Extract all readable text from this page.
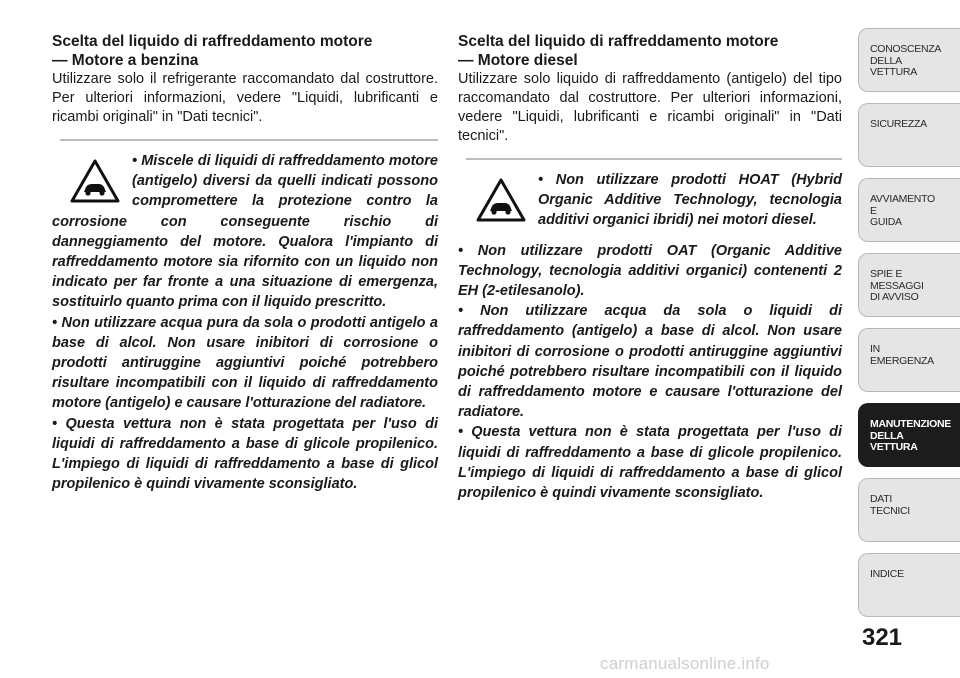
Scelta del liquido di raffreddamento motore
— Motore a benzina

Utilizzare solo il refrigerante raccomandato dal costruttore. Per ulteriori informazioni, vedere "Liquidi, lubrificanti e ricambi originali" in "Dati tecnici".

• Miscele di liquidi di raffreddamento motore (antigelo) diversi da quelli indicati possono compromettere la protezione contro la corrosione con conseguente rischio di danneggiamento del motore. Qualora l'impianto di raffreddamento motore sia rifornito con un liquido non indicato per far fronte a una situazione di emergenza, sostituirlo quanto prima con il liquido prescritto.

• Non utilizzare acqua pura da sola o prodotti antigelo a base di alcol. Non usare inibitori di corrosione o prodotti antiruggine aggiuntivi poiché potrebbero risultare incompatibili con il liquido di raffreddamento motore (antigelo) e causare l'otturazione del radiatore.

• Questa vettura non è stata progettata per l'uso di liquidi di raffreddamento a base di glicole propilenico. L'impiego di liquidi di raffreddamento a base di glicol propilenico è quindi vivamente sconsigliato.

Scelta del liquido di raffreddamento motore
— Motore diesel

Utilizzare solo liquido di raffreddamento (antigelo) del tipo raccomandato dal costruttore. Per ulteriori informazioni, vedere "Liquidi, lubrificanti e ricambi originali" in "Dati tecnici".

• Non utilizzare prodotti HOAT (Hybrid Organic Additive Technology, tecnologia additivi organici ibridi) nei motori diesel.

• Non utilizzare prodotti OAT (Organic Additive Technology, tecnologia additivi organici) contenenti 2 EH (2-etilesanolo).

• Non utilizzare acqua da sola o liquidi di raffreddamento (antigelo) a base di alcol. Non usare inibitori di corrosione o prodotti antiruggine aggiuntivi poiché potrebbero risultare incompatibili con il liquido di raffreddamento motore e causare l'otturazione del radiatore.

• Questa vettura non è stata progettata per l'uso di liquidi di raffreddamento a base di glicole propilenico. L'impiego di liquidi di raffreddamento a base di glicol propilenico è quindi vivamente sconsigliato.

CONOSCENZA
DELLA
VETTURA
SICUREZZA
AVVIAMENTO
E
GUIDA
SPIE E
MESSAGGI
DI AVVISO
IN
EMERGENZA
MANUTENZIONE
DELLA
VETTURA
DATI
TECNICI
INDICE
321
carmanualsonline.info
